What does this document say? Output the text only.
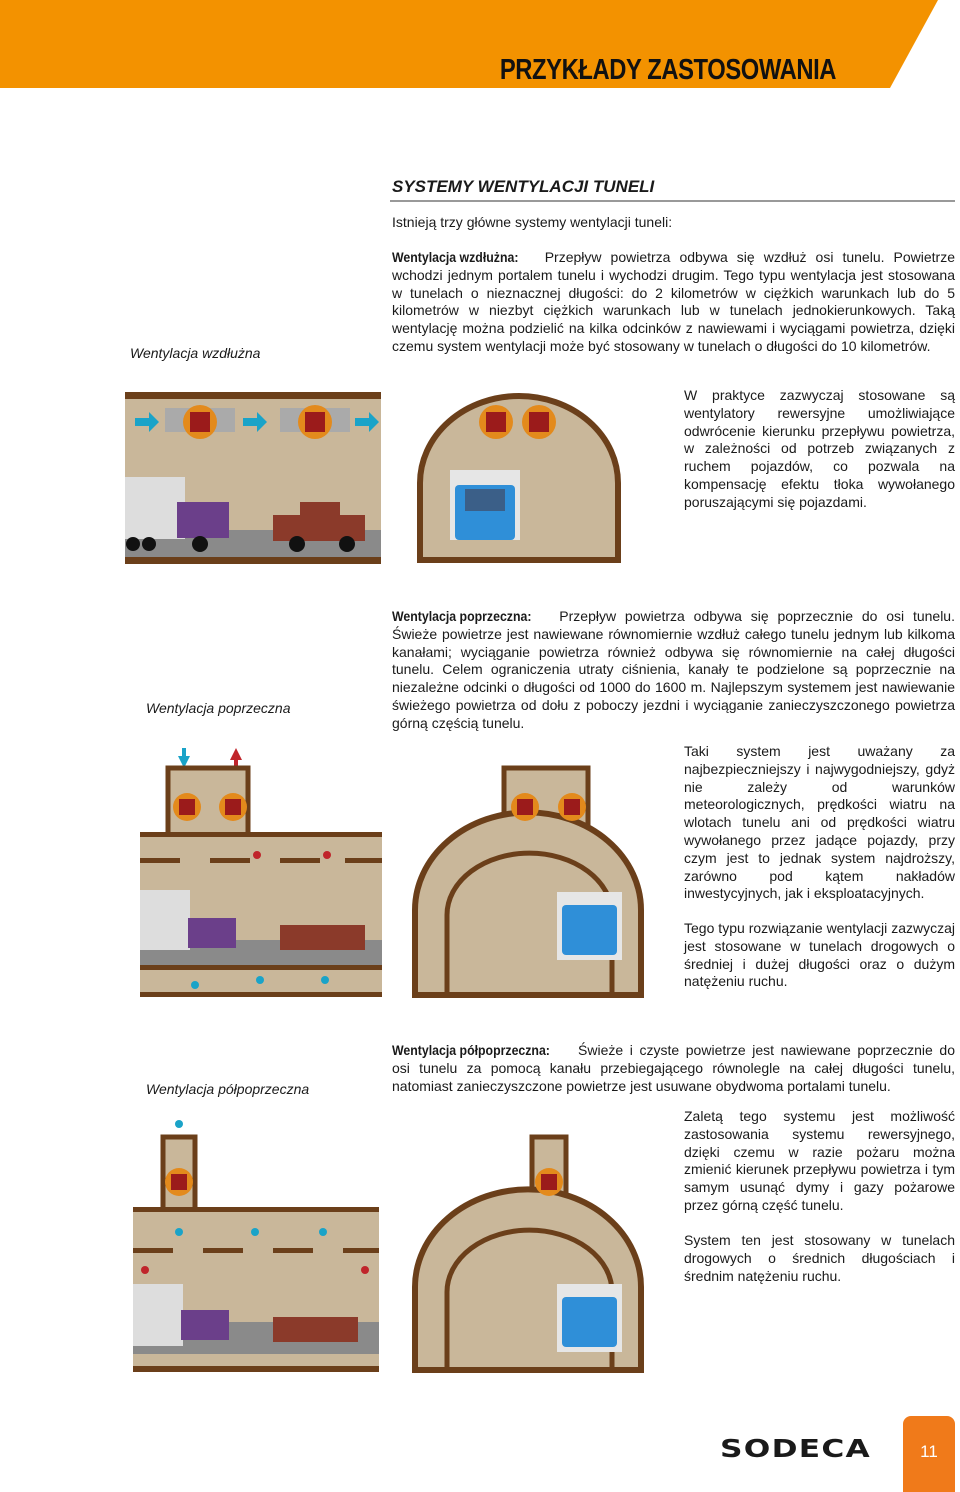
PRZYKŁADY ZASTOSOWANIA
SYSTEMY WENTYLACJI TUNELI
Istnieją trzy główne systemy wentylacji tuneli:
Wentylacja wzdłużna
Wentylacja wzdłużna: Przepływ powietrza odbywa się wzdłuż osi tunelu. Powietrze wchodzi jednym portalem tunelu i wychodzi drugim. Tego typu wentylacja jest stosowana w tunelach o nieznacznej długości: do 2 kilometrów w ciężkich warunkach lub do 5 kilometrów w niezbyt ciężkich warunkach lub w tunelach jednokierunkowych. Taką wentylację można podzielić na kilka odcinków z nawiewami i wyciągami powietrza, dzięki czemu system wentylacji może być stosowany w tunelach o długości do 10 kilometrów.
W praktyce zazwyczaj stosowane są wentylatory rewersyjne umożliwiające odwrócenie kierunku przepływu powietrza, w zależności od potrzeb związanych z ruchem pojazdów, co pozwala na kompensację efektu tłoka wywołanego poruszającymi się pojazdami.
Wentylacja poprzeczna
Wentylacja poprzeczna: Przepływ powietrza odbywa się poprzecznie do osi tunelu. Świeże powietrze jest nawiewane równomiernie wzdłuż całego tunelu jednym lub kilkoma kanałami; wyciąganie powietrza również odbywa się równomiernie na całej długości tunelu. Celem ograniczenia utraty ciśnienia, kanały te podzielone są poprzecznie na niezależne odcinki o długości od 1000 do 1600 m. Najlepszym systemem jest nawiewanie świeżego powietrza od dołu z poboczy jezdni i wyciąganie zanieczyszczonego powietrza górną częścią tunelu.
Taki system jest uważany za najbezpieczniejszy i najwygodniejszy, gdyż nie zależy od warunków meteorologicznych, prędkości wiatru na wlotach tunelu ani od prędkości wiatru wywołanego przez jadące pojazdy, przy czym jest to jednak system najdroższy, zarówno pod kątem nakładów inwestycyjnych, jak i eksploatacyjnych.
Tego typu rozwiązanie wentylacji zazwyczaj jest stosowane w tunelach drogowych o średniej i dużej długości oraz o dużym natężeniu ruchu.
Wentylacja półpoprzeczna
Wentylacja półpoprzeczna: Świeże i czyste powietrze jest nawiewane poprzecznie do osi tunelu za pomocą kanału przebiegającego równolegle na całej długości tunelu, natomiast zanieczyszczone powietrze jest usuwane obydwoma portalami tunelu.
Zaletą tego systemu jest możliwość zastosowania systemu rewersyjnego, dzięki czemu w razie pożaru można zmienić kierunek przepływu powietrza i tym samym usunąć dymy i gazy pożarowe przez górną część tunelu.
System ten jest stosowany w tunelach drogowych o średnich długościach i średnim natężeniu ruchu.
SODECA	11
